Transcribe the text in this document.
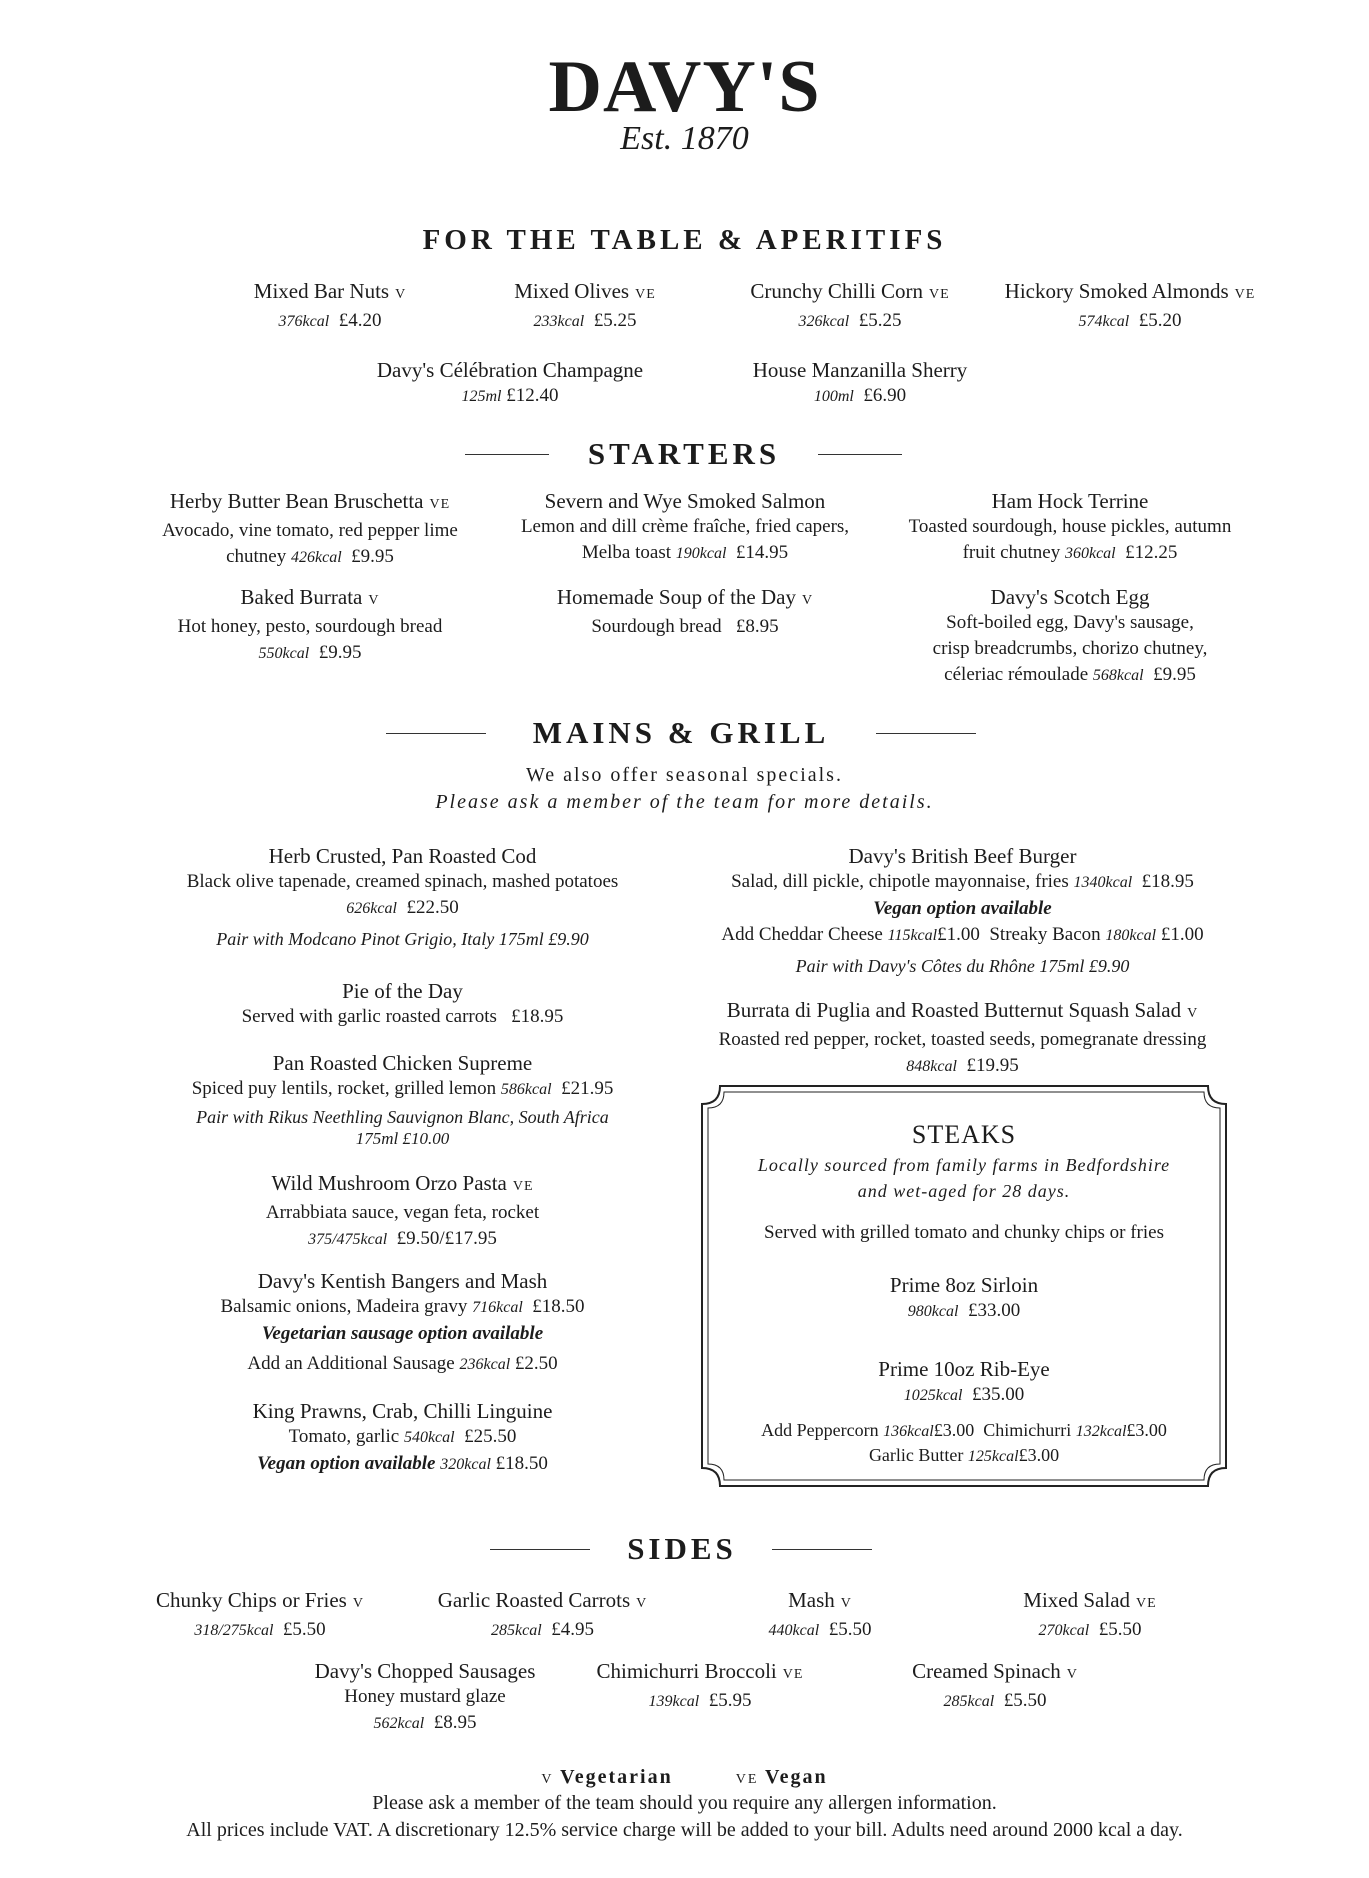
DAVY'S
Est. 1870
FOR THE TABLE & APERITIFS
Mixed Bar Nuts V
376kcal £4.20
Mixed Olives VE
233kcal £5.25
Crunchy Chilli Corn VE
326kcal £5.25
Hickory Smoked Almonds VE
574kcal £5.20
Davy's Célébration Champagne
125ml £12.40
House Manzanilla Sherry
100ml £6.90
STARTERS
Herby Butter Bean Bruschetta VE
Avocado, vine tomato, red pepper lime
chutney 426kcal £9.95
Severn and Wye Smoked Salmon
Lemon and dill crème fraîche, fried capers,
Melba toast 190kcal £14.95
Ham Hock Terrine
Toasted sourdough, house pickles, autumn
fruit chutney 360kcal £12.25
Baked Burrata V
Hot honey, pesto, sourdough bread
550kcal £9.95
Homemade Soup of the Day V
Sourdough bread £8.95
Davy's Scotch Egg
Soft-boiled egg, Davy's sausage,
crisp breadcrumbs, chorizo chutney,
céleriac rémoulade 568kcal £9.95
MAINS & GRILL
We also offer seasonal specials.
Please ask a member of the team for more details.
Herb Crusted, Pan Roasted Cod
Black olive tapenade, creamed spinach, mashed potatoes
626kcal £22.50
Pair with Modcano Pinot Grigio, Italy 175ml £9.90
Pie of the Day
Served with garlic roasted carrots £18.95
Pan Roasted Chicken Supreme
Spiced puy lentils, rocket, grilled lemon 586kcal £21.95
Pair with Rikus Neethling Sauvignon Blanc, South Africa
175ml £10.00
Wild Mushroom Orzo Pasta VE
Arrabbiata sauce, vegan feta, rocket
375/475kcal £9.50/£17.95
Davy's Kentish Bangers and Mash
Balsamic onions, Madeira gravy 716kcal £18.50
Vegetarian sausage option available
Add an Additional Sausage 236kcal £2.50
King Prawns, Crab, Chilli Linguine
Tomato, garlic 540kcal £25.50
Vegan option available 320kcal £18.50
Davy's British Beef Burger
Salad, dill pickle, chipotle mayonnaise, fries 1340kcal £18.95
Vegan option available
Add Cheddar Cheese 115kcal£1.00 Streaky Bacon 180kcal £1.00
Pair with Davy's Côtes du Rhône 175ml £9.90
Burrata di Puglia and Roasted Butternut Squash Salad V
Roasted red pepper, rocket, toasted seeds, pomegranate dressing
848kcal £19.95
STEAKS
Locally sourced from family farms in Bedfordshire
and wet-aged for 28 days.
Served with grilled tomato and chunky chips or fries
Prime 8oz Sirloin
980kcal £33.00
Prime 10oz Rib-Eye
1025kcal £35.00
Add Peppercorn 136kcal£3.00 Chimichurri 132kcal£3.00
Garlic Butter 125kcal£3.00
SIDES
Chunky Chips or Fries V
318/275kcal £5.50
Garlic Roasted Carrots V
285kcal £4.95
Mash V
440kcal £5.50
Mixed Salad VE
270kcal £5.50
Davy's Chopped Sausages
Honey mustard glaze
562kcal £8.95
Chimichurri Broccoli VE
139kcal £5.95
Creamed Spinach V
285kcal £5.50
V Vegetarian	VE Vegan
Please ask a member of the team should you require any allergen information.
All prices include VAT. A discretionary 12.5% service charge will be added to your bill. Adults need around 2000 kcal a day.
